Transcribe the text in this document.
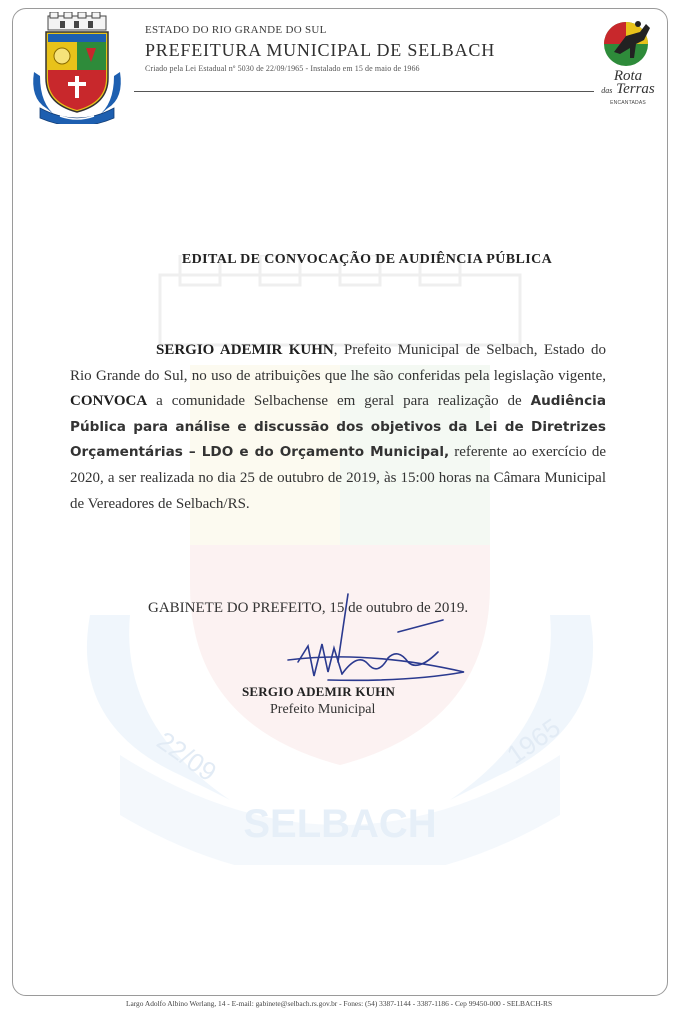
ESTADO DO RIO GRANDE DO SUL
PREFEITURA MUNICIPAL DE SELBACH
Criado pela Lei Estadual nº 5030 de 22/09/1965 - Instalado em 15 de maio de 1966	Rota
das Terras
ENCANTADAS
22/09	1965
SELBACH
EDITAL DE CONVOCAÇÃO DE AUDIÊNCIA PÚBLICA
SERGIO ADEMIR KUHN, Prefeito Municipal de Selbach, Estado do Rio Grande do Sul, no uso de atribuições que lhe são conferidas pela legislação vigente, CONVOCA a comunidade Selbachense em geral para realização de Audiência Pública para análise e discussão dos objetivos da Lei de Diretrizes Orçamentárias – LDO e do Orçamento Municipal, referente ao exercício de 2020, a ser realizada no dia 25 de outubro de 2019, às 15:00 horas na Câmara Municipal de Vereadores de Selbach/RS.
GABINETE DO PREFEITO, 15 de outubro de 2019.
SERGIO ADEMIR KUHN
Prefeito Municipal
Largo Adolfo Albino Werlang, 14 - E-mail: gabinete@selbach.rs.gov.br - Fones: (54) 3387-1144 - 3387-1186 - Cep 99450-000 - SELBACH-RS
